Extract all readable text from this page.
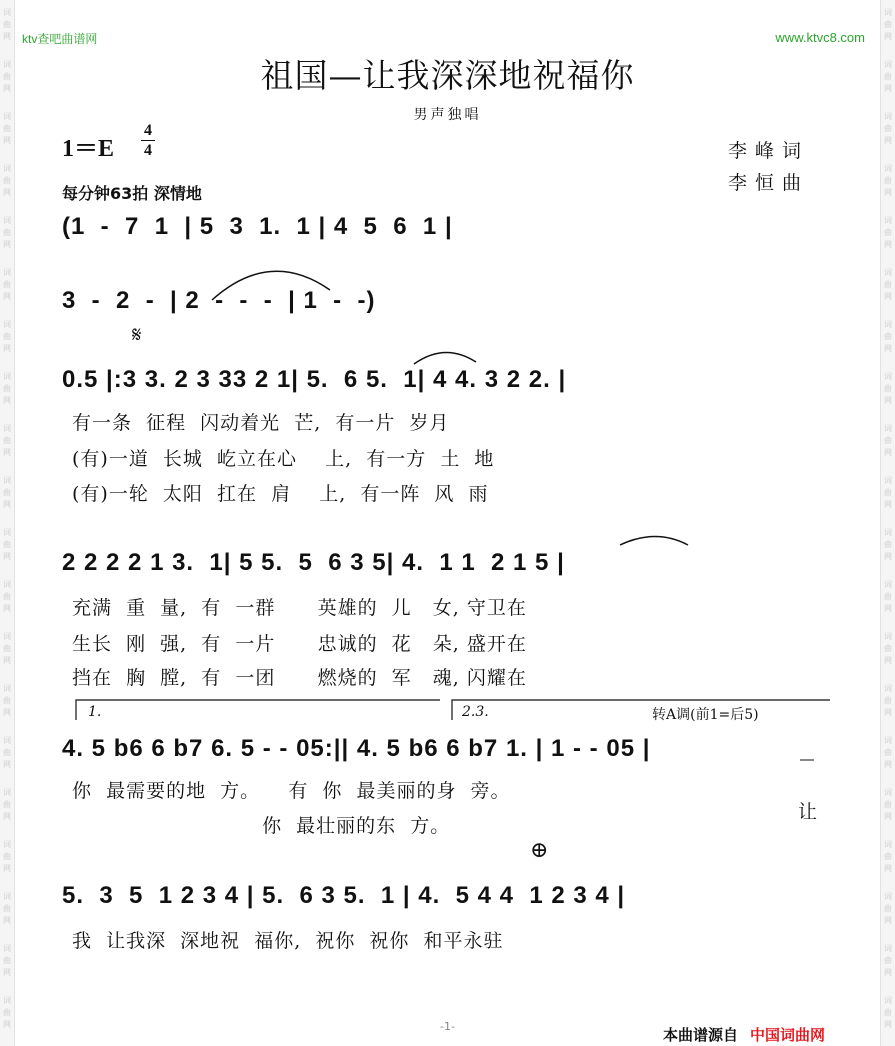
词
曲
网
词
曲
网
词
曲
网
词
曲
网
词
曲
网
词
曲
网
词
曲
网
词
曲
网
词
曲
网
词
曲
网
词
曲
网
词
曲
网
词
曲
网
词
曲
网
词
曲
网
词
曲
网
词
曲
网
词
曲
网
词
曲
网
词
曲
网
词
曲
网
词
曲
网
词
曲
网
词
曲
网
词
曲
网
词
曲
网
词
曲
网
词
曲
网
词
曲
网
词
曲
网
词
曲
网
词
曲
网
词
曲
网
词
曲
网
词
曲
网
词
曲
网
词
曲
网
词
曲
网
词
曲
网
词
曲
网
ktv查吧曲谱网	www.ktvc8.com
祖国—让我深深地祝福你
男声独唱
1＝E
4
4	李峰词
李恒曲
每分钟63拍 深情地
(1  -  7  1  | 5  3  1.  1 | 4  5  6  1 |
3  -  2  -  | 2  -  -  -  | 1  -  -)
𝄋
0.5 |:3 3. 2 3 33 2 1| 5.  6 5.  1| 4 4. 3 2 2. |
有一条  征程  闪动着光  芒,  有一片  岁月
(有)一道  长城  屹立在心    上,  有一方  土  地
(有)一轮  太阳  扛在  肩    上,  有一阵  风  雨
2 2 2 2 1 3.  1| 5 5.  5  6 3 5| 4.  1 1  2 1 5 |
充满  重  量,  有  一群      英雄的  儿   女, 守卫在
生长  刚  强,  有  一片      忠诚的  花   朵, 盛开在
挡在  胸  膛,  有  一团      燃烧的  军   魂, 闪耀在
1.	2.3.	转A调(前1=后5)
4. 5 b6 6 b7 6. 5 - - 05:|| 4. 5 b6 6 b7 1. | 1 - - 05 |
你  最需要的地  方。    有  你  最美丽的身  旁。
你  最壮丽的东  方。
让
⊕
5.  3  5  1 2 3 4 | 5.  6 3 5.  1 | 4.  5 4 4  1 2 3 4 |
我  让我深  深地祝  福你,  祝你  祝你  和平永驻
-1-	本曲谱源自 中国词曲网
